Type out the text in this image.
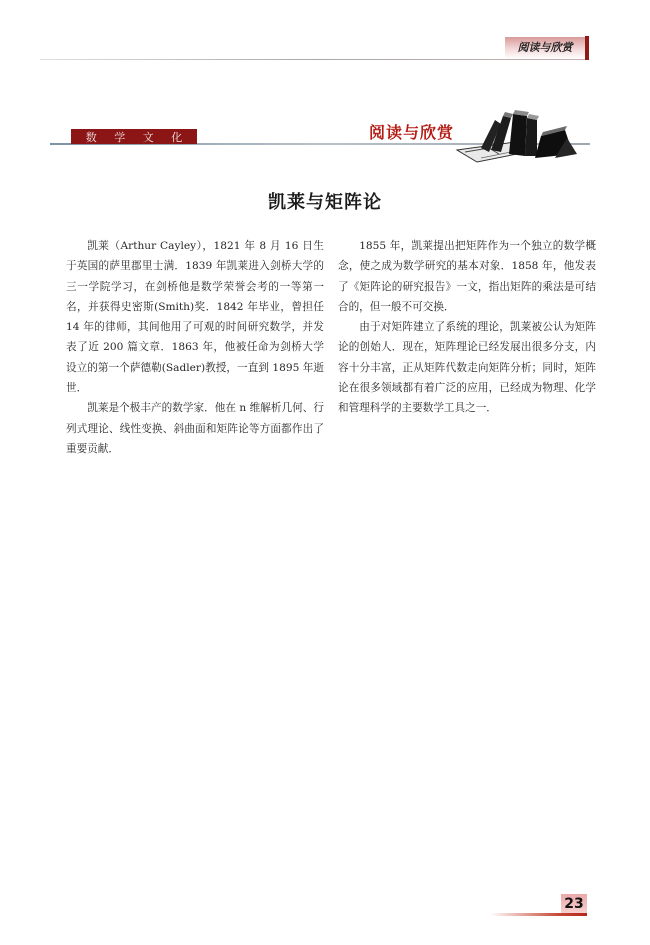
阅读与欣赏
数 学 文 化	阅读与欣赏
凯莱与矩阵论

凯莱（Arthur Cayley），1821 年 8 月 16 日生于英国的萨里郡里士满．1839 年凯莱进入剑桥大学的三一学院学习，在剑桥他是数学荣誉会考的一等第一名，并获得史密斯(Smith)奖．1842 年毕业，曾担任 14 年的律师，其间他用了可观的时间研究数学，并发表了近 200 篇文章．1863 年，他被任命为剑桥大学设立的第一个萨德勒(Sadler)教授，一直到 1895 年逝世．

凯莱是个极丰产的数学家．他在 n 维解析几何、行列式理论、线性变换、斜曲面和矩阵论等方面都作出了重要贡献．

1855 年，凯莱提出把矩阵作为一个独立的数学概念，使之成为数学研究的基本对象．1858 年，他发表了《矩阵论的研究报告》一文，指出矩阵的乘法是可结合的，但一般不可交换．

由于对矩阵建立了系统的理论，凯莱被公认为矩阵论的创始人．现在，矩阵理论已经发展出很多分支，内容十分丰富，正从矩阵代数走向矩阵分析；同时，矩阵论在很多领域都有着广泛的应用，已经成为物理、化学和管理科学的主要数学工具之一．

23
